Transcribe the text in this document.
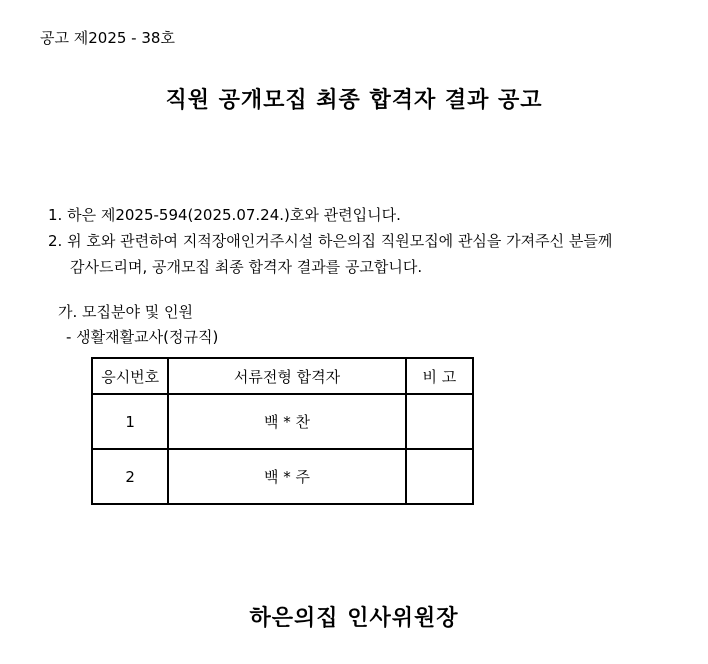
공고 제2025 - 38호
직원 공개모집 최종 합격자 결과 공고
1. 하은 제2025-594(2025.07.24.)호와 관련입니다.
2. 위 호와 관련하여 지적장애인거주시설 하은의집 직원모집에 관심을 가져주신 분들께
감사드리며, 공개모집 최종 합격자 결과를 공고합니다.
가. 모집분야 및 인원
- 생활재활교사(정규직)
응시번호	서류전형 합격자	비 고
1	백 * 찬	
2	백 * 주	
하은의집 인사위원장
